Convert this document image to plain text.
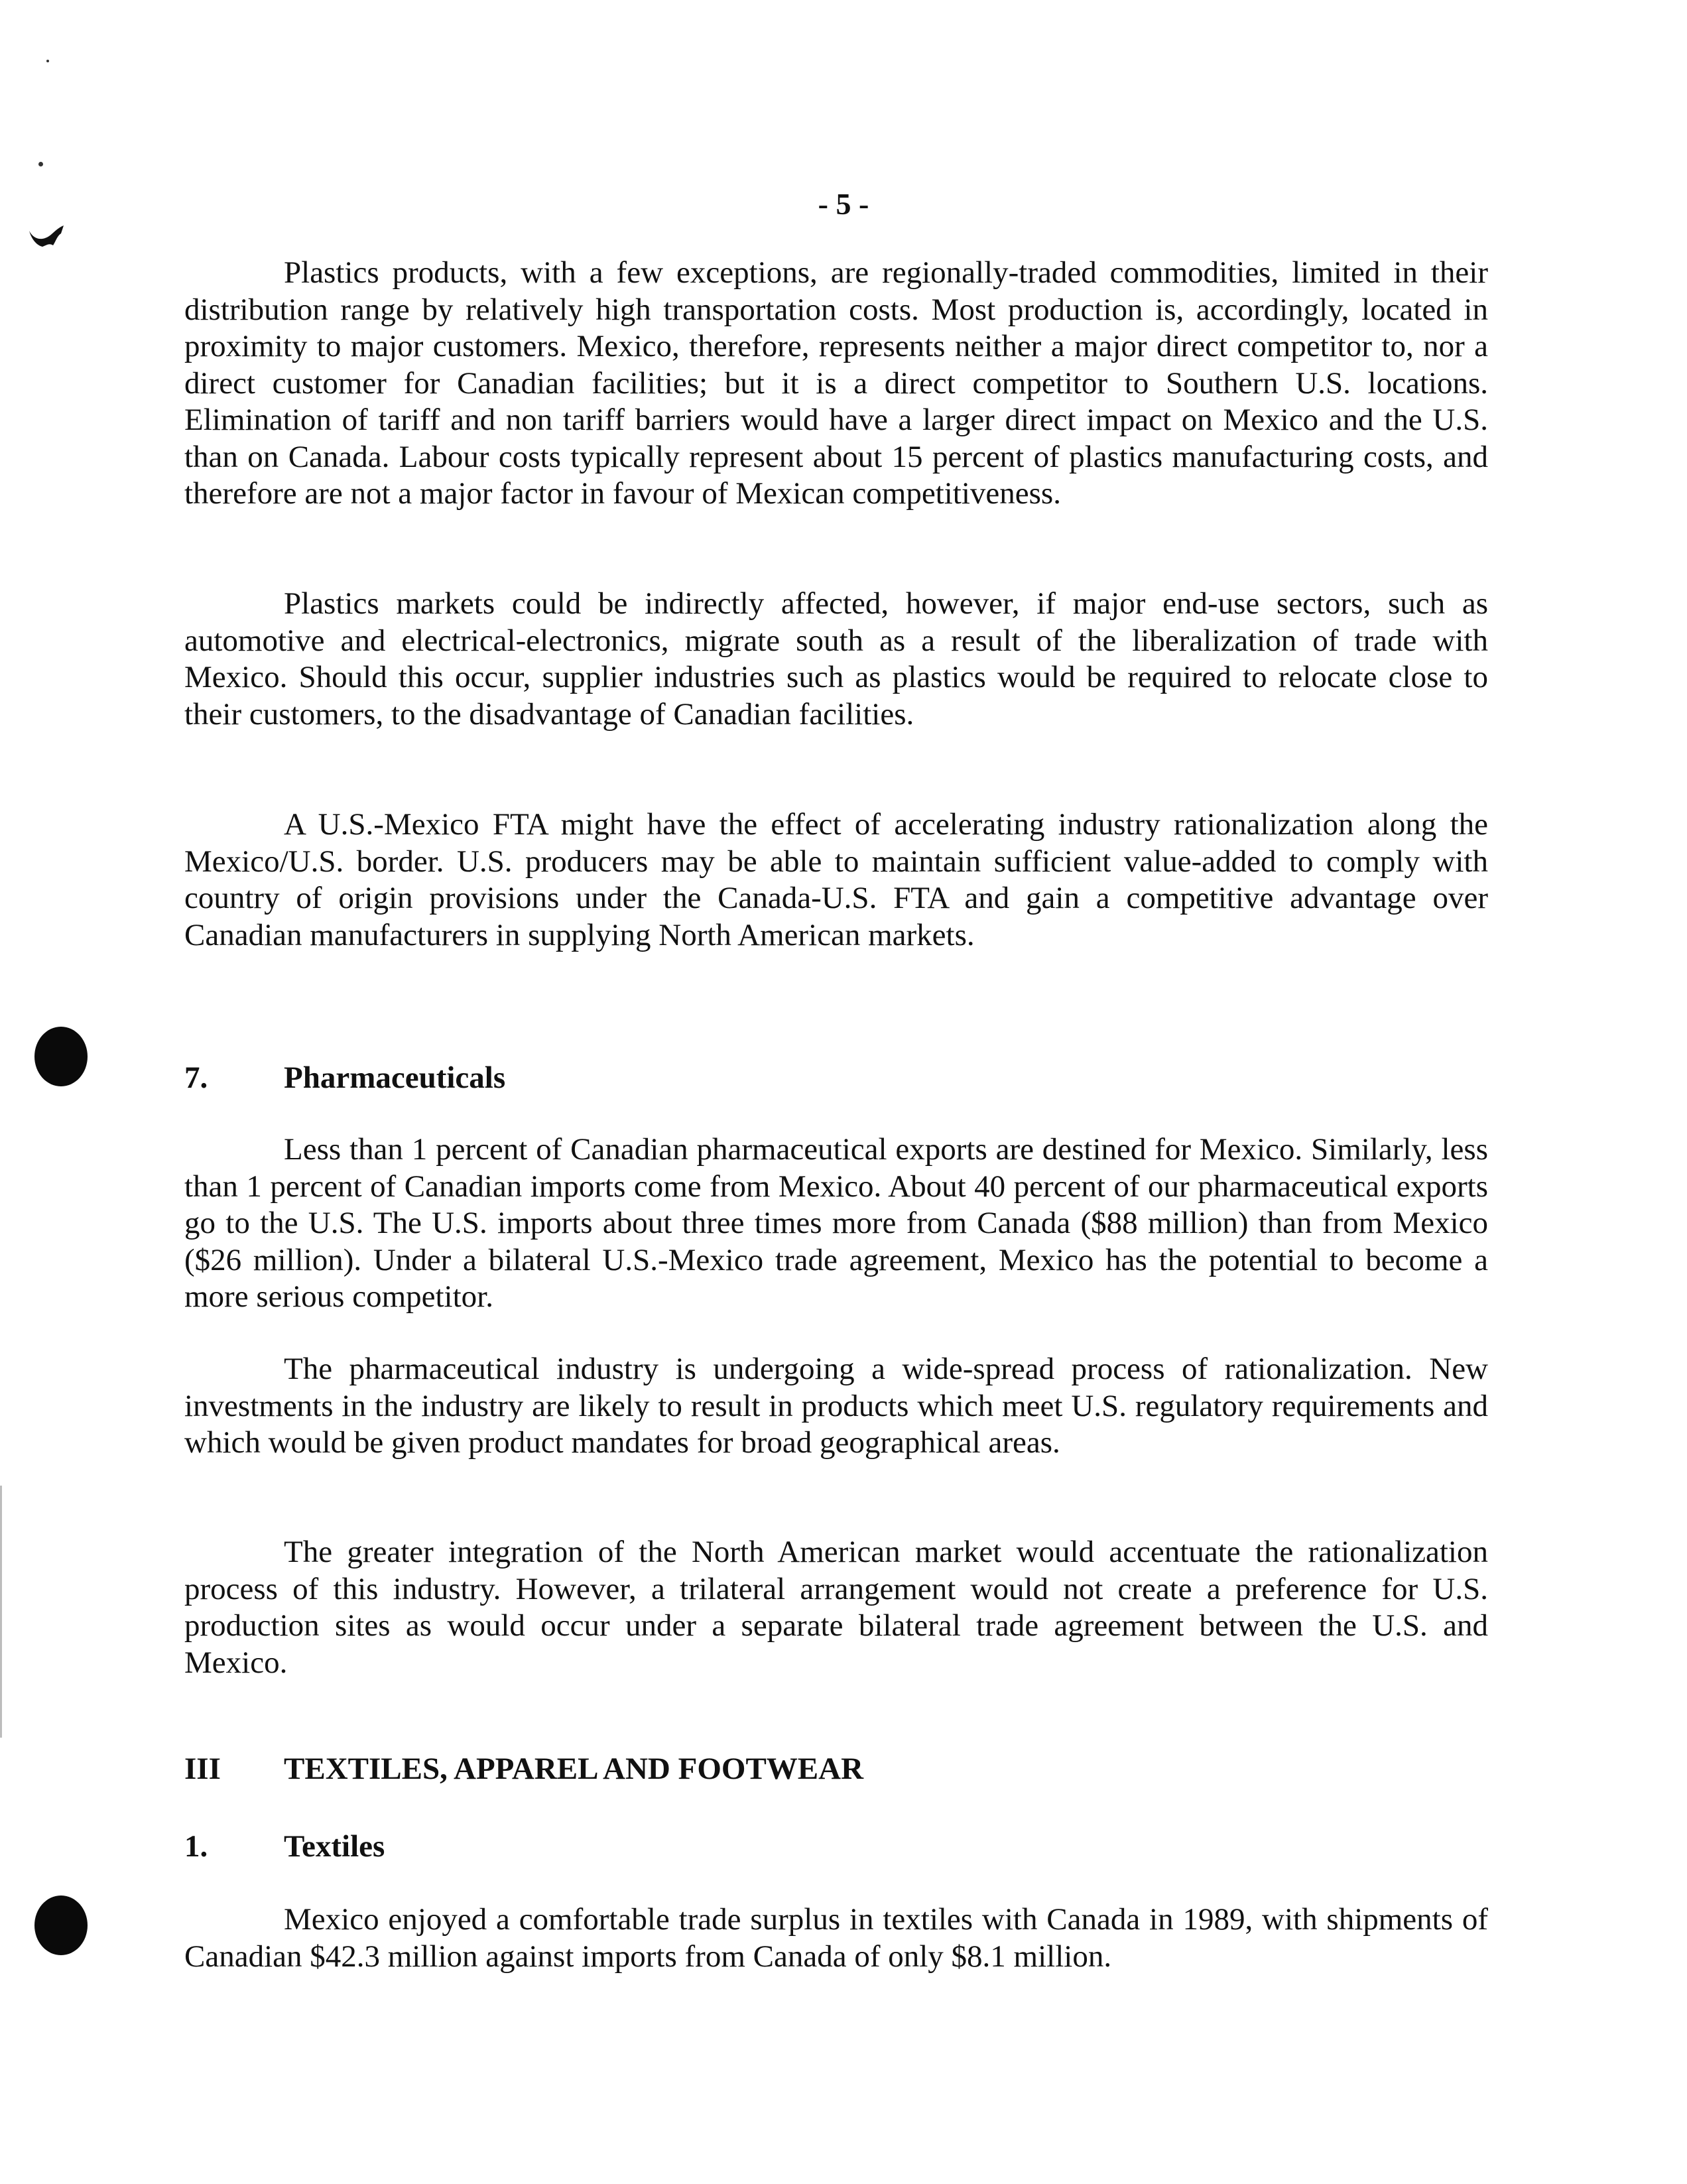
- 5 -

Plastics products, with a few exceptions, are regionally-traded commodities, limited in their distribution range by relatively high transportation costs. Most production is, accordingly, located in proximity to major customers. Mexico, therefore, represents neither a major direct competitor to, nor a direct customer for Canadian facilities; but it is a direct competitor to Southern U.S. locations. Elimination of tariff and non tariff barriers would have a larger direct impact on Mexico and the U.S. than on Canada. Labour costs typically represent about 15 percent of plastics manufacturing costs, and therefore are not a major factor in favour of Mexican competitiveness.

Plastics markets could be indirectly affected, however, if major end-use sectors, such as automotive and electrical-electronics, migrate south as a result of the liberalization of trade with Mexico. Should this occur, supplier industries such as plastics would be required to relocate close to their customers, to the disadvantage of Canadian facilities.

A U.S.-Mexico FTA might have the effect of accelerating industry rationalization along the Mexico/U.S. border. U.S. producers may be able to maintain sufficient value-added to comply with country of origin provisions under the Canada-U.S. FTA and gain a competitive advantage over Canadian manufacturers in supplying North American markets.

7. Pharmaceuticals

Less than 1 percent of Canadian pharmaceutical exports are destined for Mexico. Similarly, less than 1 percent of Canadian imports come from Mexico. About 40 percent of our pharmaceutical exports go to the U.S. The U.S. imports about three times more from Canada ($88 million) than from Mexico ($26 million). Under a bilateral U.S.-Mexico trade agreement, Mexico has the potential to become a more serious competitor.

The pharmaceutical industry is undergoing a wide-spread process of rationalization. New investments in the industry are likely to result in products which meet U.S. regulatory requirements and which would be given product mandates for broad geographical areas.

The greater integration of the North American market would accentuate the rationalization process of this industry. However, a trilateral arrangement would not create a preference for U.S. production sites as would occur under a separate bilateral trade agreement between the U.S. and Mexico.

III TEXTILES, APPAREL AND FOOTWEAR
1. Textiles

Mexico enjoyed a comfortable trade surplus in textiles with Canada in 1989, with shipments of Canadian $42.3 million against imports from Canada of only $8.1 million.
